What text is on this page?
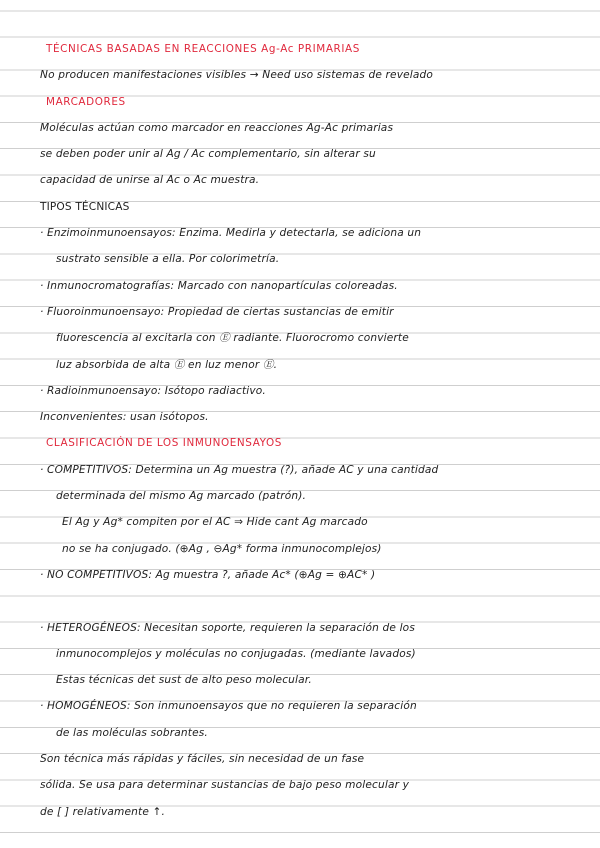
TÉCNICAS BASADAS EN REACCIONES Ag-Ac PRIMARIAS
No producen manifestaciones visibles → Need uso sistemas de revelado
MARCADORES
Moléculas actúan como marcador en reacciones Ag-Ac primarias
se deben poder unir al Ag / Ac complementario, sin alterar su
capacidad de unirse al Ac o Ac muestra.
TIPOS TÉCNICAS
· Enzimoinmunoensayos: Enzima. Medirla y detectarla, se adiciona un
sustrato sensible a ella. Por colorimetría.
· Inmunocromatografías: Marcado con nanopartículas coloreadas.
· Fluoroinmunoensayo: Propiedad de ciertas sustancias de emitir
fluorescencia al excitarla con Ⓔ radiante. Fluorocromo convierte
luz absorbida de alta Ⓔ en luz menor Ⓔ.
· Radioinmunoensayo: Isótopo radiactivo.
Inconvenientes: usan isótopos.
CLASIFICACIÓN DE LOS INMUNOENSAYOS
· COMPETITIVOS: Determina un Ag muestra (?), añade AC y una cantidad
determinada del mismo Ag marcado (patrón).
El Ag y Ag* compiten por el AC ⇒ Hide cant Ag marcado
no se ha conjugado. (⊕Ag , ⊖Ag* forma inmunocomplejos)
· NO COMPETITIVOS: Ag muestra ?, añade Ac* (⊕Ag = ⊕AC* )
· HETEROGÉNEOS: Necesitan soporte, requieren la separación de los
inmunocomplejos y moléculas no conjugadas. (mediante lavados)
Estas técnicas det sust de alto peso molecular.
· HOMOGÉNEOS: Son inmunoensayos que no requieren la separación
de las moléculas sobrantes.
Son técnica más rápidas y fáciles, sin necesidad de un fase
sólida. Se usa para determinar sustancias de bajo peso molecular y
de [ ] relativamente ↑.
